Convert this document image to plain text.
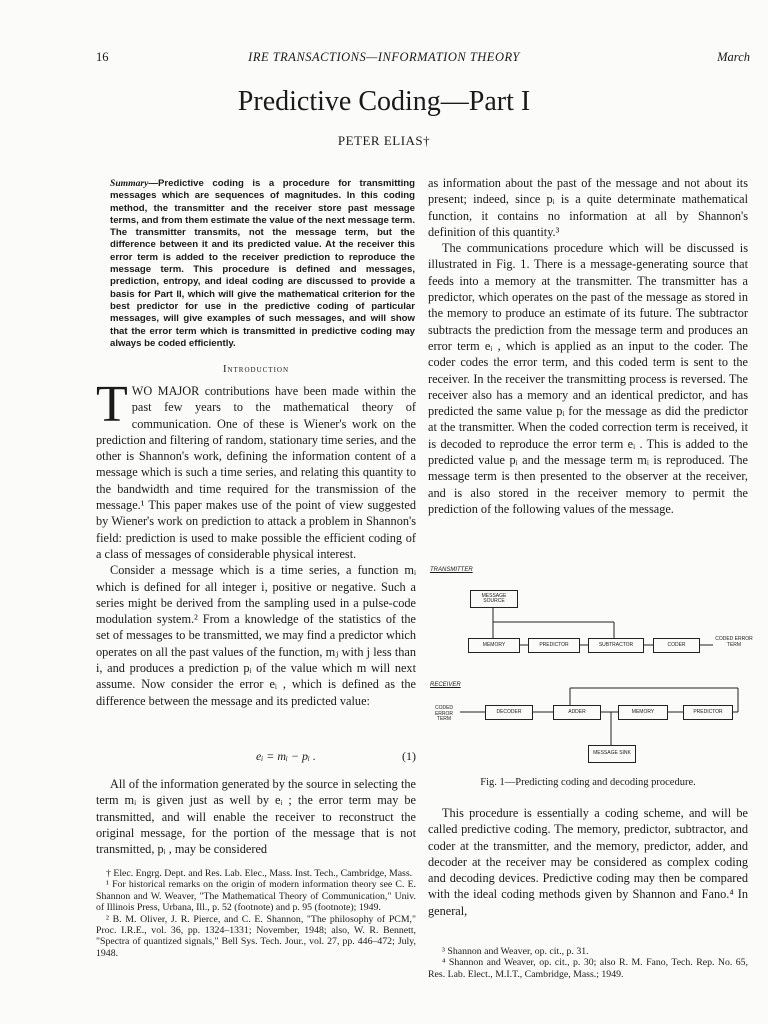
16	IRE TRANSACTIONS—INFORMATION THEORY	March
Predictive Coding—Part I
PETER ELIAS†
Summary—Predictive coding is a procedure for transmitting messages which are sequences of magnitudes. In this coding method, the transmitter and the receiver store past message terms, and from them estimate the value of the next message term. The transmitter transmits, not the message term, but the difference between it and its predicted value. At the receiver this error term is added to the receiver prediction to reproduce the message term. This procedure is defined and messages, prediction, entropy, and ideal coding are discussed to provide a basis for Part II, which will give the mathematical criterion for the best predictor for use in the predictive coding of particular messages, will give examples of such messages, and will show that the error term which is transmitted in predictive coding may always be coded efficiently.
Introduction

TWO MAJOR contributions have been made within the past few years to the mathematical theory of communication. One of these is Wiener's work on the prediction and filtering of random, stationary time series, and the other is Shannon's work, defining the information content of a message which is such a time series, and relating this quantity to the bandwidth and time required for the transmission of the message.¹ This paper makes use of the point of view suggested by Wiener's work on prediction to attack a problem in Shannon's field: prediction is used to make possible the efficient coding of a class of messages of considerable physical interest.

Consider a message which is a time series, a function mᵢ which is defined for all integer i, positive or negative. Such a series might be derived from the sampling used in a pulse-code modulation system.² From a knowledge of the statistics of the set of messages to be transmitted, we may find a predictor which operates on all the past values of the function, mⱼ with j less than i, and produces a prediction pᵢ of the value which m will next assume. Now consider the error eᵢ , which is defined as the difference between the message and its predicted value:

eᵢ = mᵢ − pᵢ .	(1)

All of the information generated by the source in selecting the term mᵢ is given just as well by eᵢ ; the error term may be transmitted, and will enable the receiver to reconstruct the original message, for the portion of the message that is not transmitted, pᵢ , may be considered

† Elec. Engrg. Dept. and Res. Lab. Elec., Mass. Inst. Tech., Cambridge, Mass.

¹ For historical remarks on the origin of modern information theory see C. E. Shannon and W. Weaver, "The Mathematical Theory of Communication," Univ. of Illinois Press, Urbana, Ill., p. 52 (footnote) and p. 95 (footnote); 1949.

² B. M. Oliver, J. R. Pierce, and C. E. Shannon, "The philosophy of PCM," Proc. I.R.E., vol. 36, pp. 1324–1331; November, 1948; also, W. R. Bennett, "Spectra of quantized signals," Bell Sys. Tech. Jour., vol. 27, pp. 446–472; July, 1948.

as information about the past of the message and not about its present; indeed, since pᵢ is a quite determinate mathematical function, it contains no information at all by Shannon's definition of this quantity.³

The communications procedure which will be discussed is illustrated in Fig. 1. There is a message-generating source that feeds into a memory at the transmitter. The transmitter has a predictor, which operates on the past of the message as stored in the memory to produce an estimate of its future. The subtractor subtracts the prediction from the message term and produces an error term eᵢ , which is applied as an input to the coder. The coder codes the error term, and this coded term is sent to the receiver. In the receiver the transmitting process is reversed. The receiver also has a memory and an identical predictor, and has predicted the same value pᵢ for the message as did the predictor at the transmitter. When the coded correction term is received, it is decoded to reproduce the error term eᵢ . This is added to the predicted value pᵢ and the message term mᵢ is reproduced. The message term is then presented to the observer at the receiver, and is also stored in the receiver memory to permit the prediction of the following values of the message.

TRANSMITTER
MESSAGE SOURCE
MEMORY	PREDICTOR	SUBTRACTOR	CODER
CODED ERROR TERM
RECEIVER
CODED ERROR TERM
DECODER	ADDER	MEMORY	PREDICTOR
MESSAGE SINK
Fig. 1—Predicting coding and decoding procedure.

This procedure is essentially a coding scheme, and will be called predictive coding. The memory, predictor, subtractor, and coder at the transmitter, and the memory, predictor, adder, and decoder at the receiver may be considered as complex coding and decoding devices. Predictive coding may then be compared with the ideal coding methods given by Shannon and Fano.⁴ In general,

³ Shannon and Weaver, op. cit., p. 31.

⁴ Shannon and Weaver, op. cit., p. 30; also R. M. Fano, Tech. Rep. No. 65, Res. Lab. Elect., M.I.T., Cambridge, Mass.; 1949.
